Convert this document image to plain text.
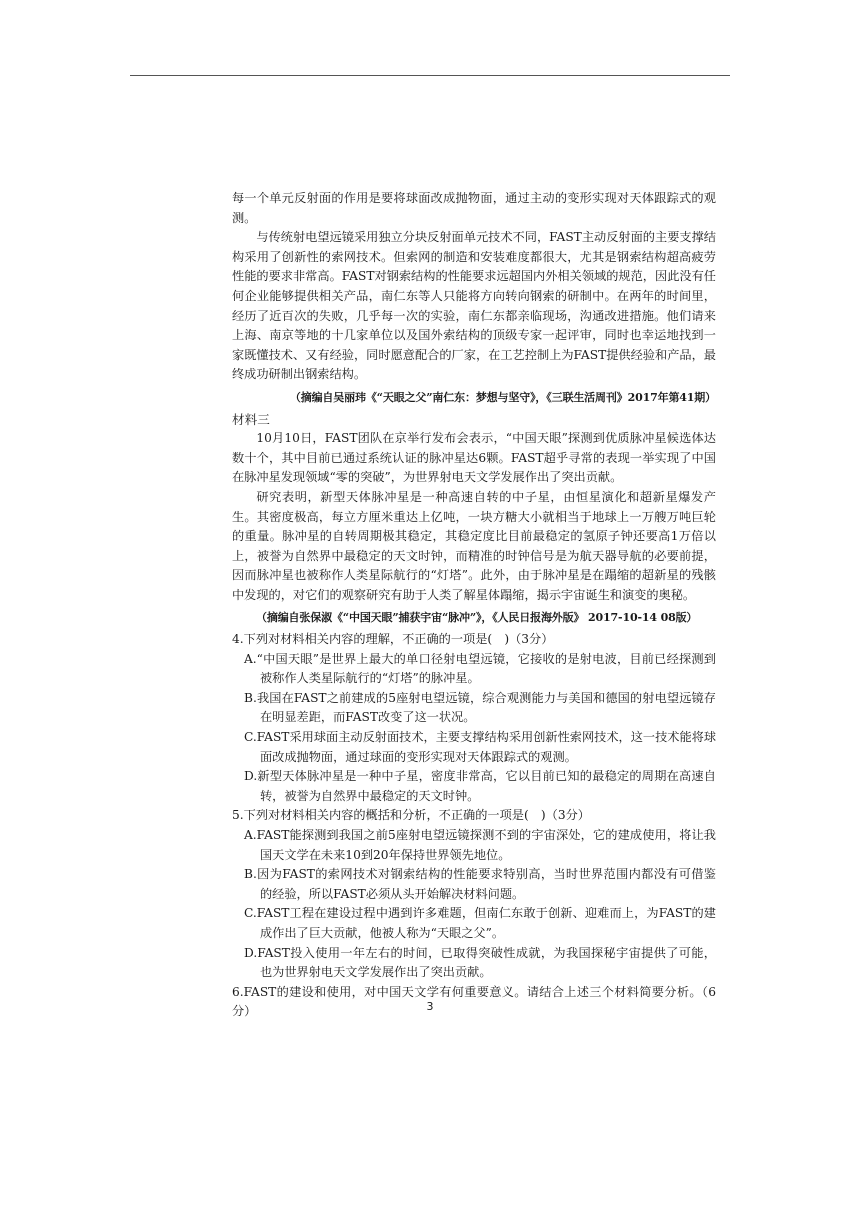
每一个单元反射面的作用是要将球面改成抛物面，通过主动的变形实现对天体跟踪式的观测。

与传统射电望远镜采用独立分块反射面单元技术不同，FAST主动反射面的主要支撑结构采用了创新性的索网技术。但索网的制造和安装难度都很大，尤其是钢索结构超高疲劳性能的要求非常高。FAST对钢索结构的性能要求远超国内外相关领域的规范，因此没有任何企业能够提供相关产品，南仁东等人只能将方向转向钢索的研制中。在两年的时间里，经历了近百次的失败，几乎每一次的实验，南仁东都亲临现场，沟通改进措施。他们请来上海、南京等地的十几家单位以及国外索结构的顶级专家一起评审，同时也幸运地找到一家既懂技术、又有经验，同时愿意配合的厂家，在工艺控制上为FAST提供经验和产品，最终成功研制出钢索结构。

（摘编自吴丽玮《“天眼之父”南仁东：梦想与坚守》，《三联生活周刊》2017年第41期）

材料三

10月10日，FAST团队在京举行发布会表示，“中国天眼”探测到优质脉冲星候选体达数十个，其中目前已通过系统认证的脉冲星达6颗。FAST超乎寻常的表现一举实现了中国在脉冲星发现领域“零的突破”，为世界射电天文学发展作出了突出贡献。

研究表明，新型天体脉冲星是一种高速自转的中子星，由恒星演化和超新星爆发产生。其密度极高，每立方厘米重达上亿吨，一块方糖大小就相当于地球上一万艘万吨巨轮的重量。脉冲星的自转周期极其稳定，其稳定度比目前最稳定的氢原子钟还要高1万倍以上，被誉为自然界中最稳定的天文时钟，而精准的时钟信号是为航天器导航的必要前提，因而脉冲星也被称作人类星际航行的“灯塔”。此外，由于脉冲星是在蹋缩的超新星的残骸中发现的，对它们的观察研究有助于人类了解星体蹋缩，揭示宇宙诞生和演变的奥秘。

（摘编自张保淑《“中国天眼”捕获宇宙“脉冲”》，《人民日报海外版》 2017-10-14 08版）

4.下列对材料相关内容的理解，不正确的一项是(　)（3分）

A.“中国天眼”是世界上最大的单口径射电望远镜，它接收的是射电波，目前已经探测到被称作人类星际航行的“灯塔”的脉冲星。

B.我国在FAST之前建成的5座射电望远镜，综合观测能力与美国和德国的射电望远镜存在明显差距，而FAST改变了这一状况。

C.FAST采用球面主动反射面技术，主要支撑结构采用创新性索网技术，这一技术能将球面改成抛物面，通过球面的变形实现对天体跟踪式的观测。

D.新型天体脉冲星是一种中子星，密度非常高，它以目前已知的最稳定的周期在高速自转，被誉为自然界中最稳定的天文时钟。

5.下列对材料相关内容的概括和分析，不正确的一项是(　)（3分）

A.FAST能探测到我国之前5座射电望远镜探测不到的宇宙深处，它的建成使用，将让我国天文学在未来10到20年保持世界领先地位。

B.因为FAST的索网技术对钢索结构的性能要求特别高，当时世界范围内都没有可借鉴的经验，所以FAST必须从头开始解决材料问题。

C.FAST工程在建设过程中遇到许多难题，但南仁东敢于创新、迎难而上，为FAST的建成作出了巨大贡献，他被人称为“天眼之父”。

D.FAST投入使用一年左右的时间，已取得突破性成就，为我国探秘宇宙提供了可能，也为世界射电天文学发展作出了突出贡献。

6.FAST的建设和使用，对中国天文学有何重要意义。请结合上述三个材料简要分析。（6分）	3
